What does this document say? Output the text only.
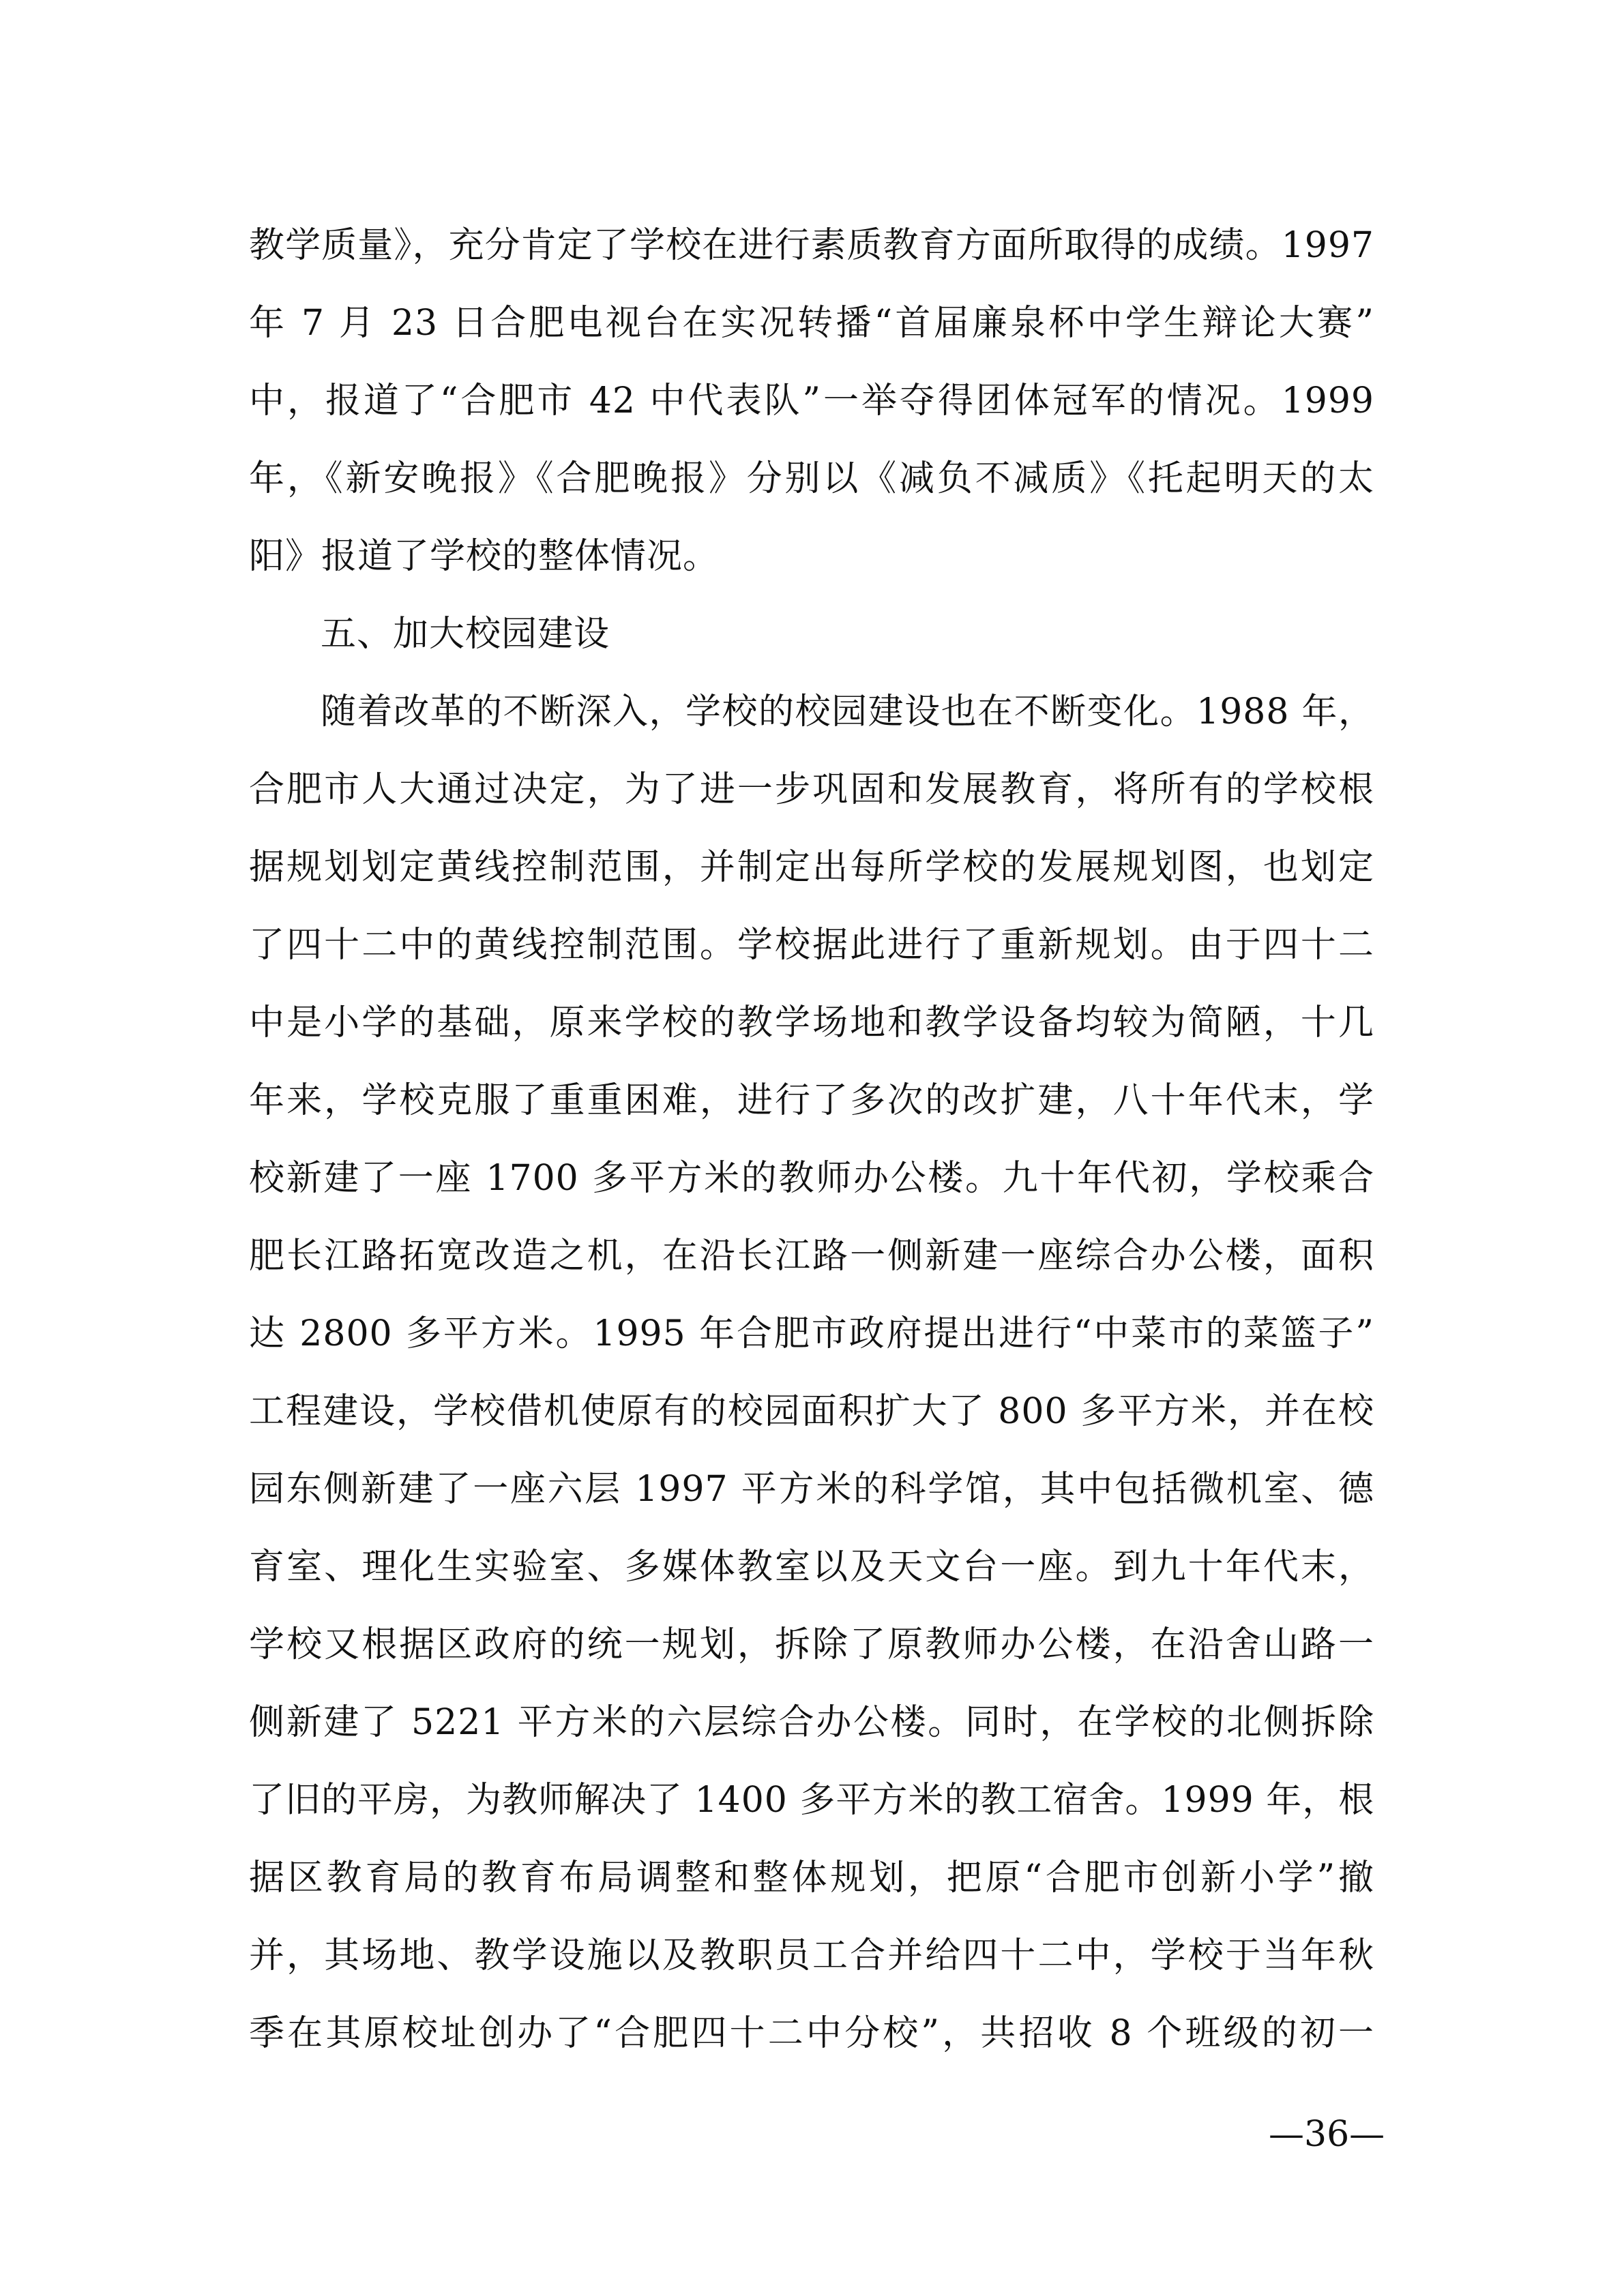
教学质量》，充分肯定了学校在进行素质教育方面所取得的成绩。1997
年 7 月 23 日合肥电视台在实况转播“首届廉泉杯中学生辩论大赛”
中，报道了“合肥市 42 中代表队”一举夺得团体冠军的情况。1999
年，《新安晚报》《合肥晚报》分别以《减负不减质》《托起明天的太
阳》报道了学校的整体情况。
五、加大校园建设
随着改革的不断深入，学校的校园建设也在不断变化。1988 年，
合肥市人大通过决定，为了进一步巩固和发展教育，将所有的学校根
据规划划定黄线控制范围，并制定出每所学校的发展规划图，也划定
了四十二中的黄线控制范围。学校据此进行了重新规划。由于四十二
中是小学的基础，原来学校的教学场地和教学设备均较为简陋，十几
年来，学校克服了重重困难，进行了多次的改扩建，八十年代末，学
校新建了一座 1700 多平方米的教师办公楼。九十年代初，学校乘合
肥长江路拓宽改造之机，在沿长江路一侧新建一座综合办公楼，面积
达 2800 多平方米。1995 年合肥市政府提出进行“中菜市的菜篮子”
工程建设，学校借机使原有的校园面积扩大了 800 多平方米，并在校
园东侧新建了一座六层 1997 平方米的科学馆，其中包括微机室、德
育室、理化生实验室、多媒体教室以及天文台一座。到九十年代末，
学校又根据区政府的统一规划，拆除了原教师办公楼，在沿舍山路一
侧新建了 5221 平方米的六层综合办公楼。同时，在学校的北侧拆除
了旧的平房，为教师解决了 1400 多平方米的教工宿舍。1999 年，根
据区教育局的教育布局调整和整体规划，把原“合肥市创新小学”撤
并，其场地、教学设施以及教职员工合并给四十二中，学校于当年秋
季在其原校址创办了“合肥四十二中分校”，共招收 8 个班级的初一
—36—
